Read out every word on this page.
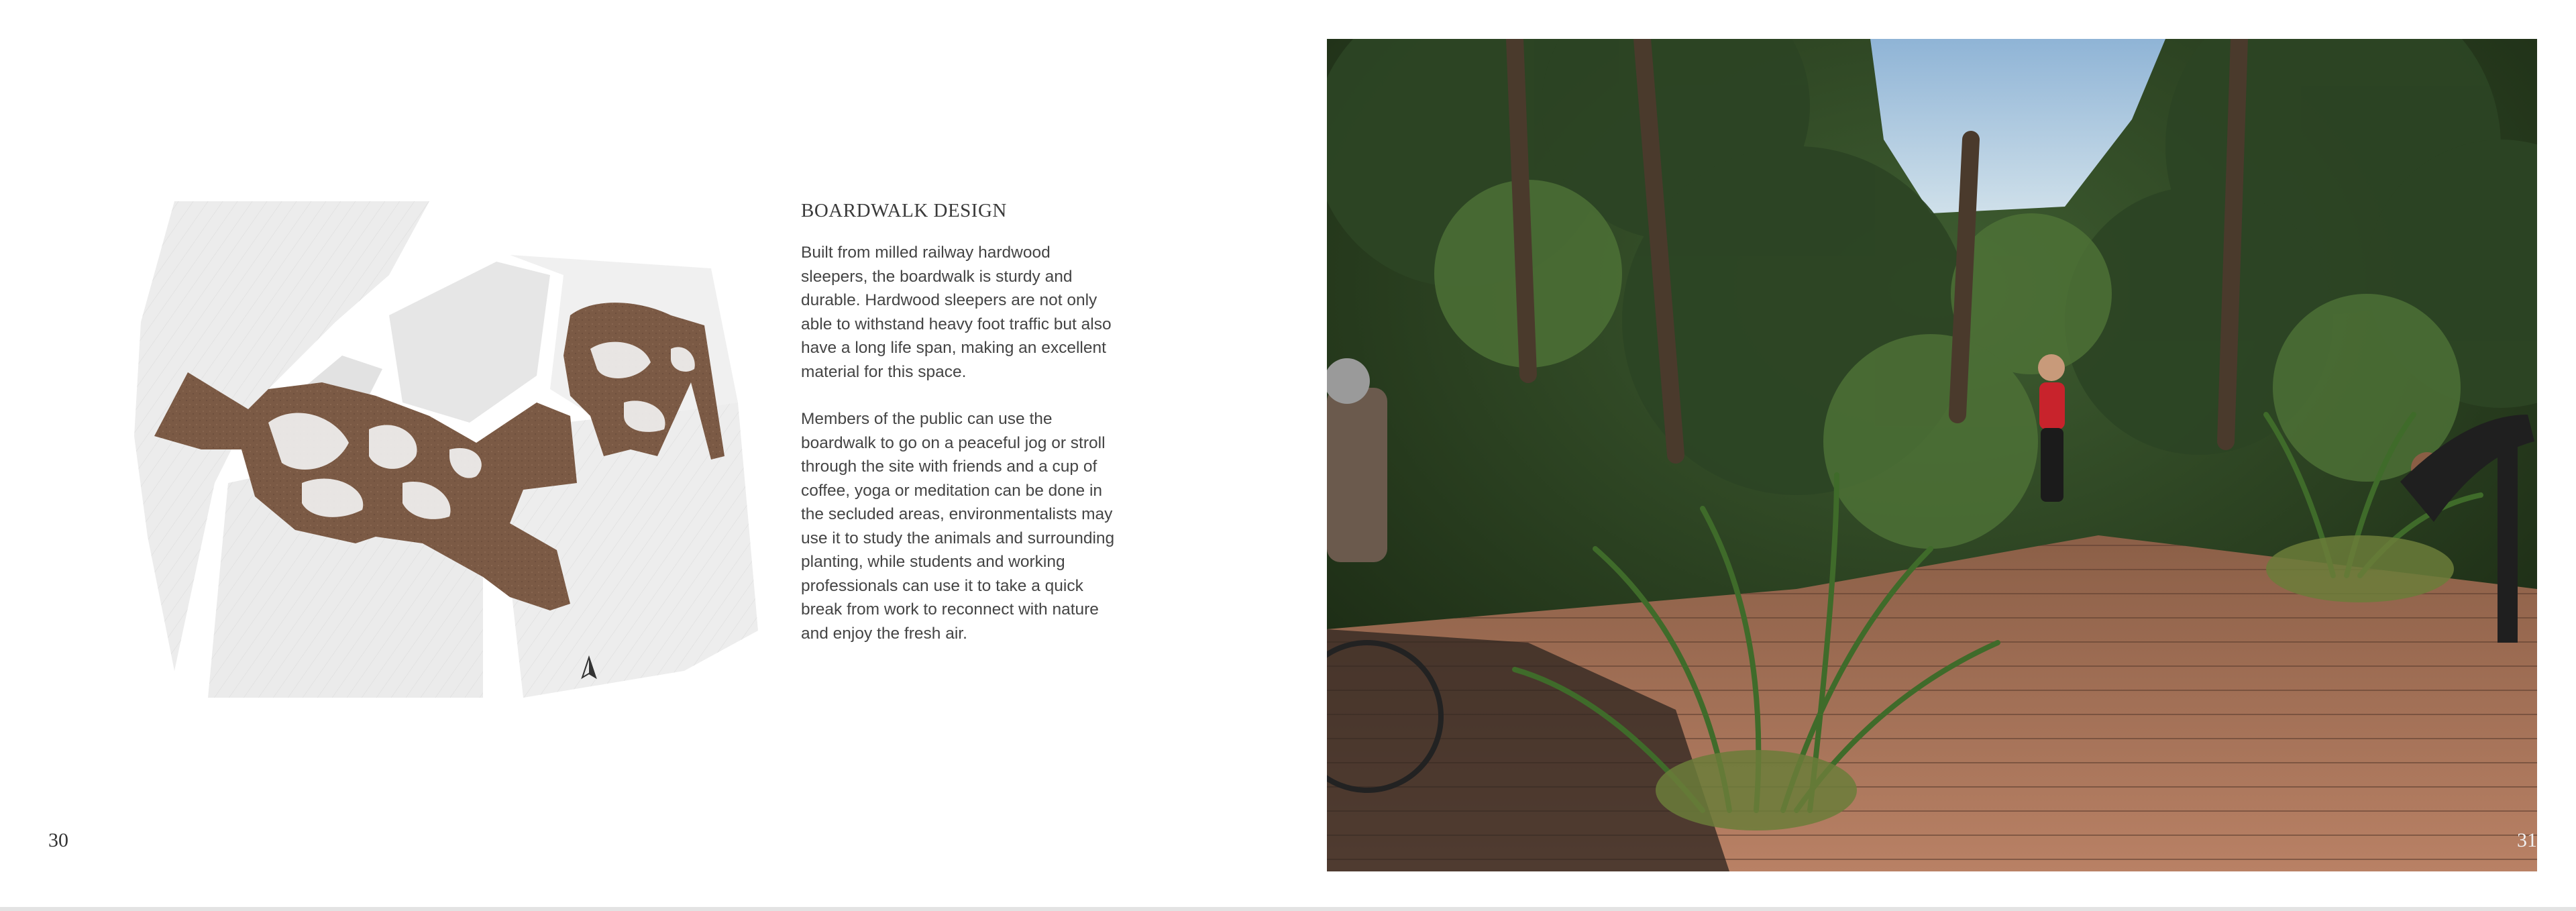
BOARDWALK DESIGN

Built from milled railway hardwood sleepers, the boardwalk is sturdy and durable. Hardwood sleepers are not only able to withstand heavy foot traffic but also have a long life span, making an excellent material for this space.

Members of the public can use the boardwalk to go on a peaceful jog or stroll through the site with friends and a cup of coffee, yoga or meditation can be done in the secluded areas, environmentalists may use it to study the animals and surrounding planting, while students and working professionals can use it to take a quick break from work to reconnect with nature and enjoy the fresh air.

30	31
